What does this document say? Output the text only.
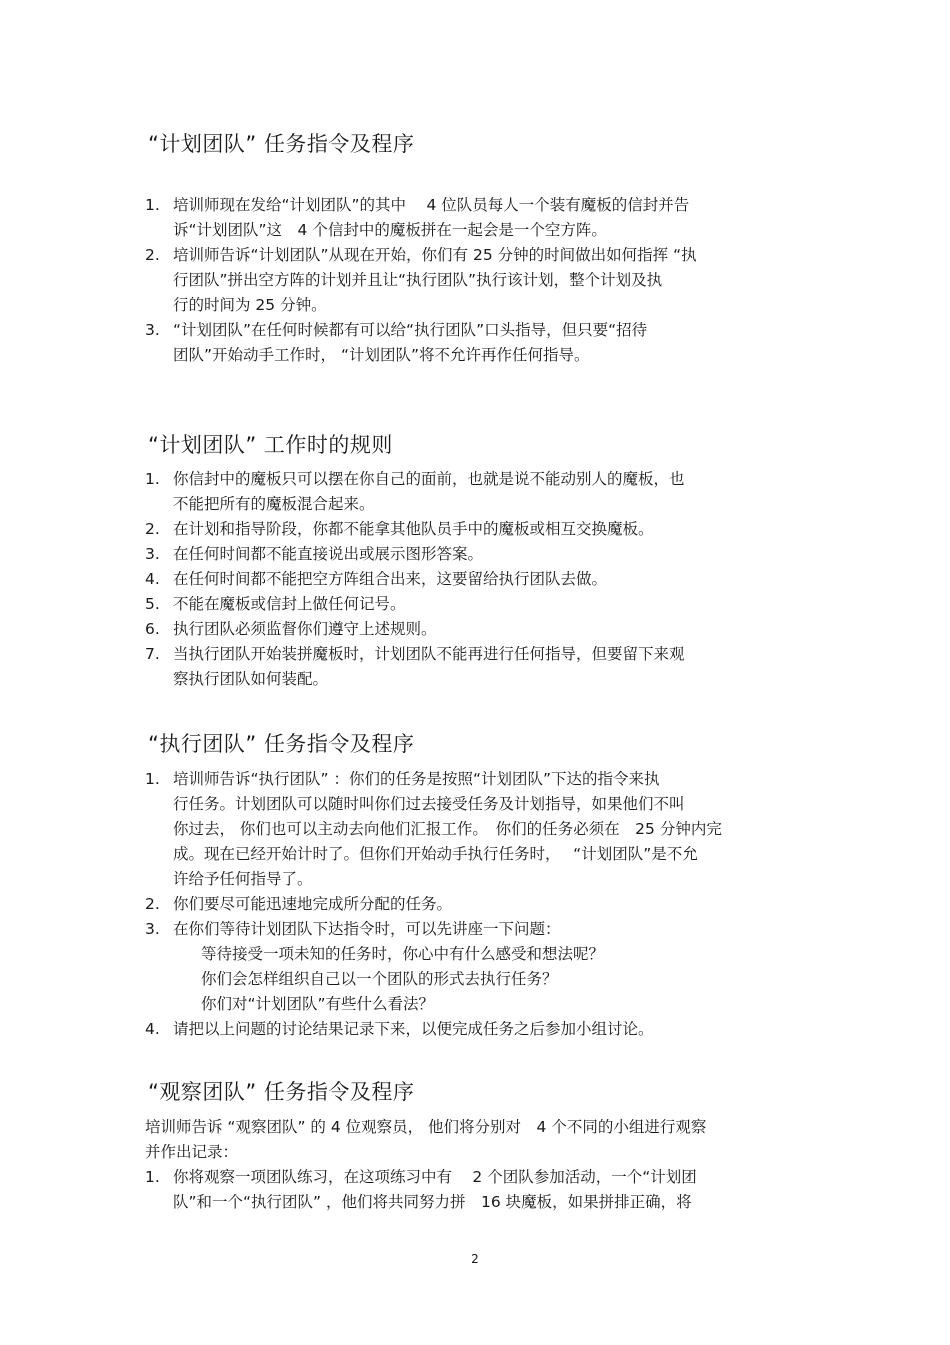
“计划团队” 任务指令及程序
1. 培训师现在发给“计划团队”的其中　 4 位队员每人一个装有魔板的信封并告
诉“计划团队”这　4 个信封中的魔板拼在一起会是一个空方阵。
2. 培训师告诉“计划团队”从现在开始，你们有 25 分钟的时间做出如何指挥 “执
行团队”拼出空方阵的计划并且让“执行团队”执行该计划，整个计划及执
行的时间为 25 分钟。
3. “计划团队”在任何时候都有可以给“执行团队”口头指导，但只要“招待
团队”开始动手工作时， “计划团队”将不允许再作任何指导。
“计划团队” 工作时的规则
1. 你信封中的魔板只可以摆在你自己的面前，也就是说不能动别人的魔板，也
不能把所有的魔板混合起来。
2. 在计划和指导阶段，你都不能拿其他队员手中的魔板或相互交换魔板。
3. 在任何时间都不能直接说出或展示图形答案。
4. 在任何时间都不能把空方阵组合出来，这要留给执行团队去做。
5. 不能在魔板或信封上做任何记号。
6. 执行团队必须监督你们遵守上述规则。
7. 当执行团队开始装拼魔板时，计划团队不能再进行任何指导，但要留下来观
察执行团队如何装配。
“执行团队” 任务指令及程序
1. 培训师告诉“执行团队” ：你们的任务是按照“计划团队”下达的指令来执
行任务。计划团队可以随时叫你们过去接受任务及计划指导，如果他们不叫
你过去， 你们也可以主动去向他们汇报工作。　你们的任务必须在　25 分钟内完
成。现在已经开始计时了。但你们开始动手执行任务时，　 “计划团队”是不允
许给予任何指导了。
2. 你们要尽可能迅速地完成所分配的任务。
3. 在你们等待计划团队下达指令时，可以先讲座一下问题：
等待接受一项未知的任务时，你心中有什么感受和想法呢？
你们会怎样组织自己以一个团队的形式去执行任务？
你们对“计划团队”有些什么看法？
4. 请把以上问题的讨论结果记录下来，以便完成任务之后参加小组讨论。
“观察团队” 任务指令及程序
培训师告诉 “观察团队” 的 4 位观察员， 他们将分别对　4 个不同的小组进行观察
并作出记录：
1. 你将观察一项团队练习，在这项练习中有　 2 个团队参加活动，一个“计划团
队”和一个“执行团队” ，他们将共同努力拼　16 块魔板，如果拼排正确，将
2
